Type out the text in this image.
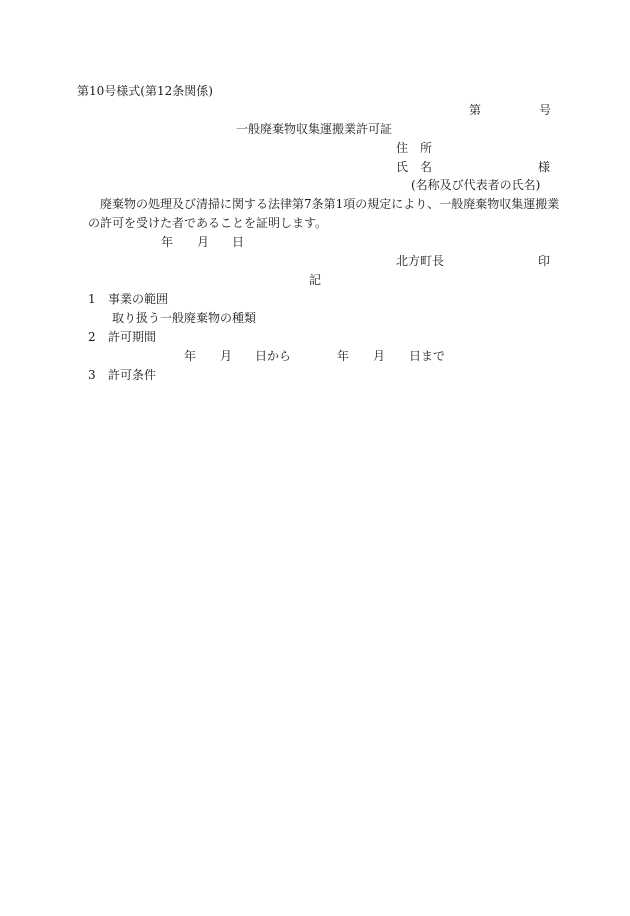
第10号様式(第12条関係)
第	号
一般廃棄物収集運搬業許可証
住　所
氏　名	様
(名称及び代表者の氏名)
廃棄物の処理及び清掃に関する法律第7条第1項の規定により、一般廃棄物収集運搬業
の許可を受けた者であることを証明します。
年 月 日
北方町長	印
記
1 事業の範囲
取り扱う一般廃棄物の種類
2 許可期間
年 月 日から	年 月 日まで
3 許可条件
